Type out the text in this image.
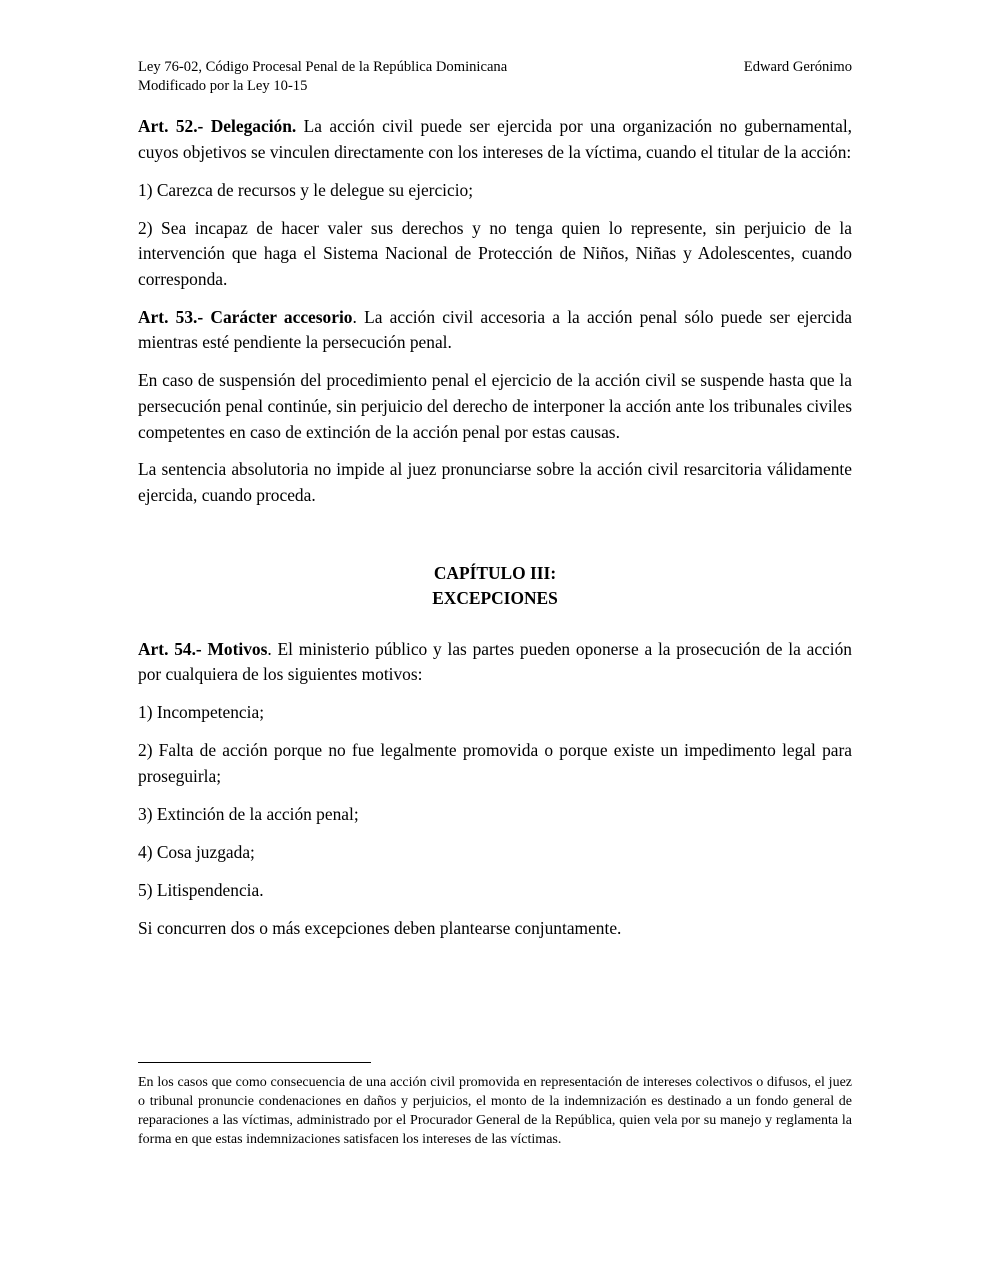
Ley 76-02, Código Procesal Penal de la República Dominicana	Edward Gerónimo
Modificado por la Ley 10-15

Art. 52.- Delegación. La acción civil puede ser ejercida por una organización no gubernamental, cuyos objetivos se vinculen directamente con los intereses de la víctima, cuando el titular de la acción:

1) Carezca de recursos y le delegue su ejercicio;

2) Sea incapaz de hacer valer sus derechos y no tenga quien lo represente, sin perjuicio de la intervención que haga el Sistema Nacional de Protección de Niños, Niñas y Adolescentes, cuando corresponda.

Art. 53.- Carácter accesorio. La acción civil accesoria a la acción penal sólo puede ser ejercida mientras esté pendiente la persecución penal.

En caso de suspensión del procedimiento penal el ejercicio de la acción civil se suspende hasta que la persecución penal continúe, sin perjuicio del derecho de interponer la acción ante los tribunales civiles competentes en caso de extinción de la acción penal por estas causas.

La sentencia absolutoria no impide al juez pronunciarse sobre la acción civil resarcitoria válidamente ejercida, cuando proceda.

CAPÍTULO III:
EXCEPCIONES

Art. 54.- Motivos. El ministerio público y las partes pueden oponerse a la prosecución de la acción por cualquiera de los siguientes motivos:

1) Incompetencia;

2) Falta de acción porque no fue legalmente promovida o porque existe un impedimento legal para proseguirla;

3) Extinción de la acción penal;

4) Cosa juzgada;

5) Litispendencia.

Si concurren dos o más excepciones deben plantearse conjuntamente.

En los casos que como consecuencia de una acción civil promovida en representación de intereses colectivos o difusos, el juez o tribunal pronuncie condenaciones en daños y perjuicios, el monto de la indemnización es destinado a un fondo general de reparaciones a las víctimas, administrado por el Procurador General de la República, quien vela por su manejo y reglamenta la forma en que estas indemnizaciones satisfacen los intereses de las víctimas.
